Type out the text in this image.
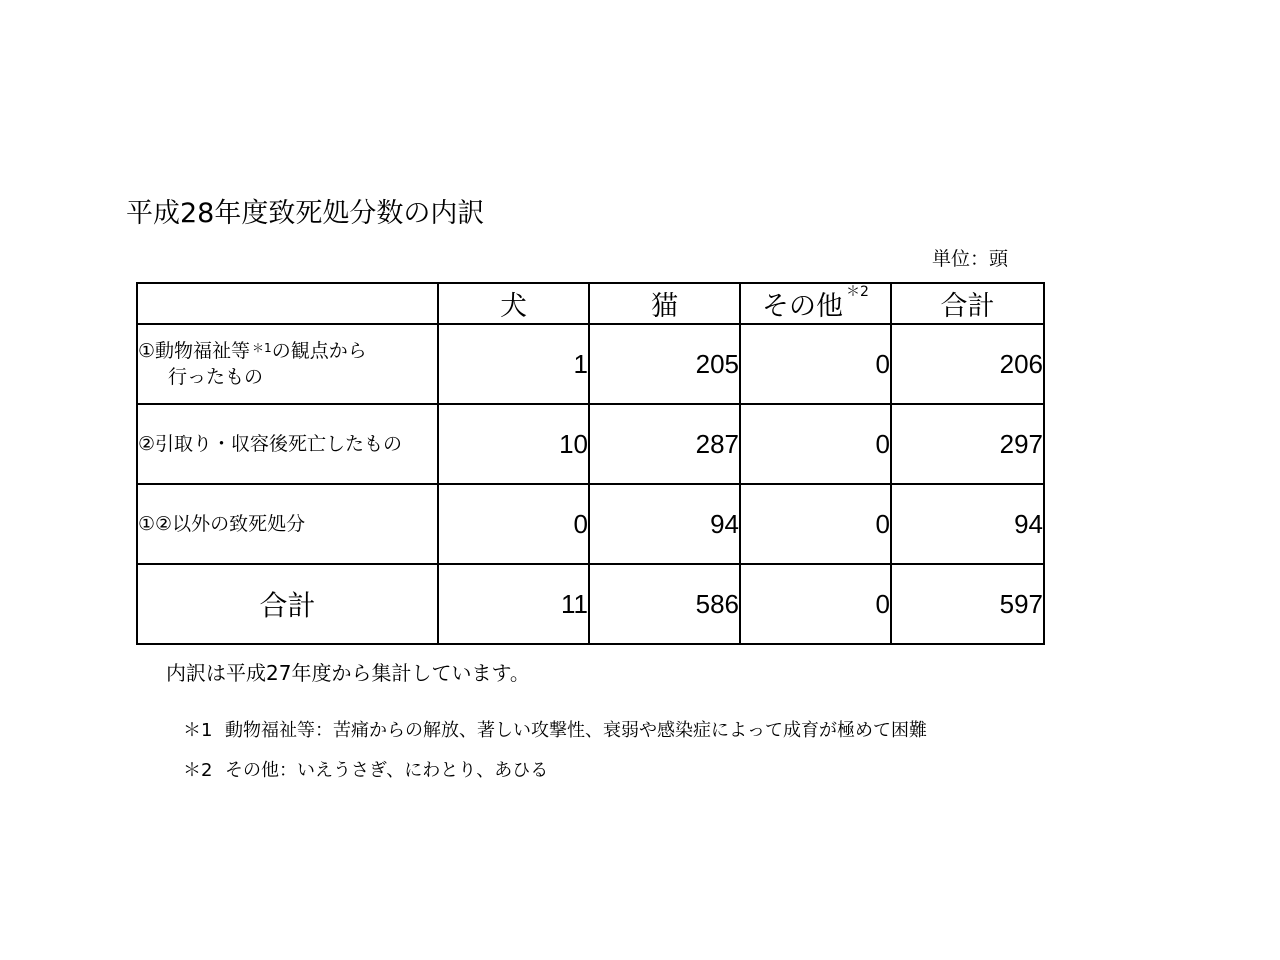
平成28年度致死処分数の内訳
単位：頭
	犬	猫	その他 $^{*2}$	合計
①動物福祉等 $^{*1}$の観点から
行ったもの	1	205	0	206
②引取り・収容後死亡したもの	10	287	0	297
①②以外の致死処分	0	94	0	94
合計	11	586	0	597
内訳は平成27年度から集計しています。
＊1 動物福祉等：苦痛からの解放、著しい攻撃性、衰弱や感染症によって成育が極めて困難
＊2 その他：いえうさぎ、にわとり、あひる
